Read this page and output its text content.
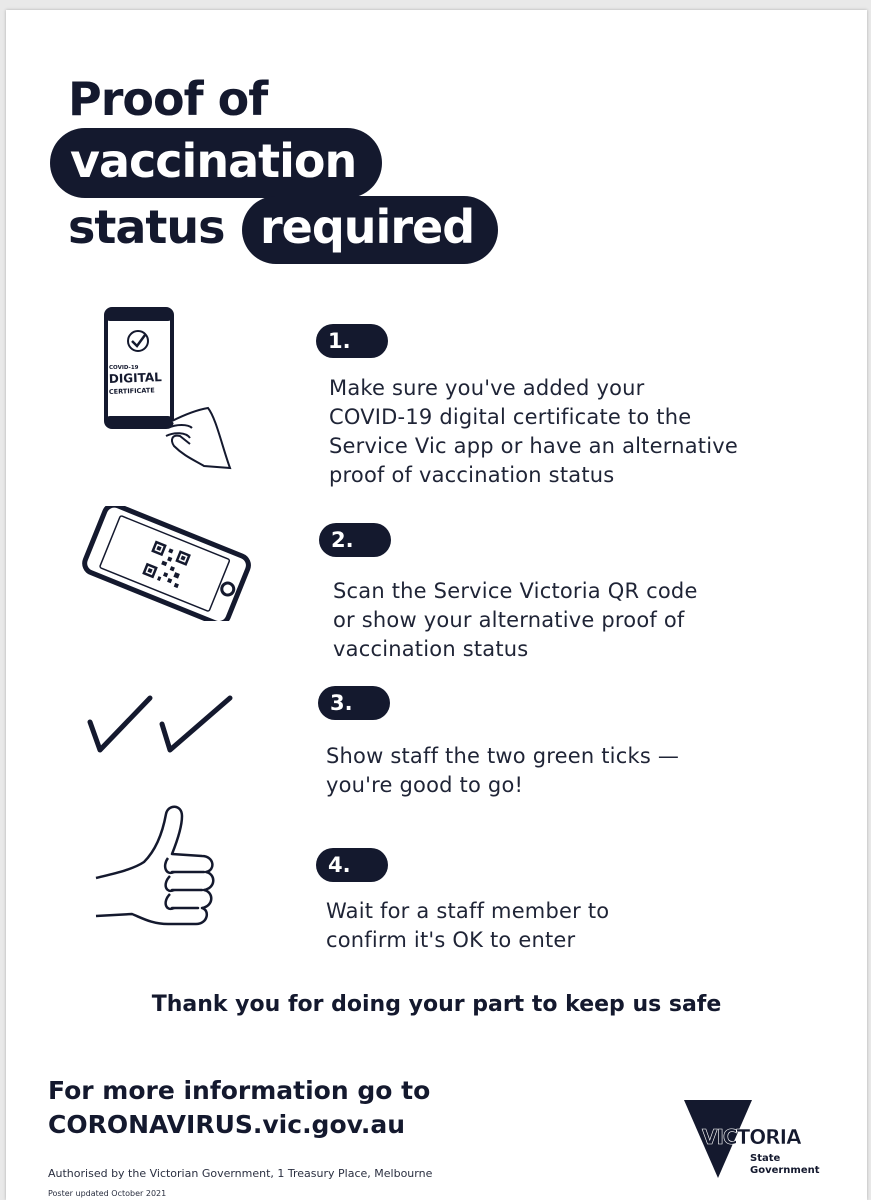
Proof of
vaccination
status required
COVID-19
DIGITAL
CERTIFICATE
1.
Make sure you've added your
COVID-19 digital certificate to the
Service Vic app or have an alternative
proof of vaccination status
2.
Scan the Service Victoria QR code
or show your alternative proof of
vaccination status
3.
Show staff the two green ticks —
you're good to go!
4.
Wait for a staff member to
confirm it's OK to enter
Thank you for doing your part to keep us safe
For more information go to
CORONAVIRUS.vic.gov.au
Authorised by the Victorian Government, 1 Treasury Place, Melbourne
Poster updated October 2021
VICTORIA
State
Government
